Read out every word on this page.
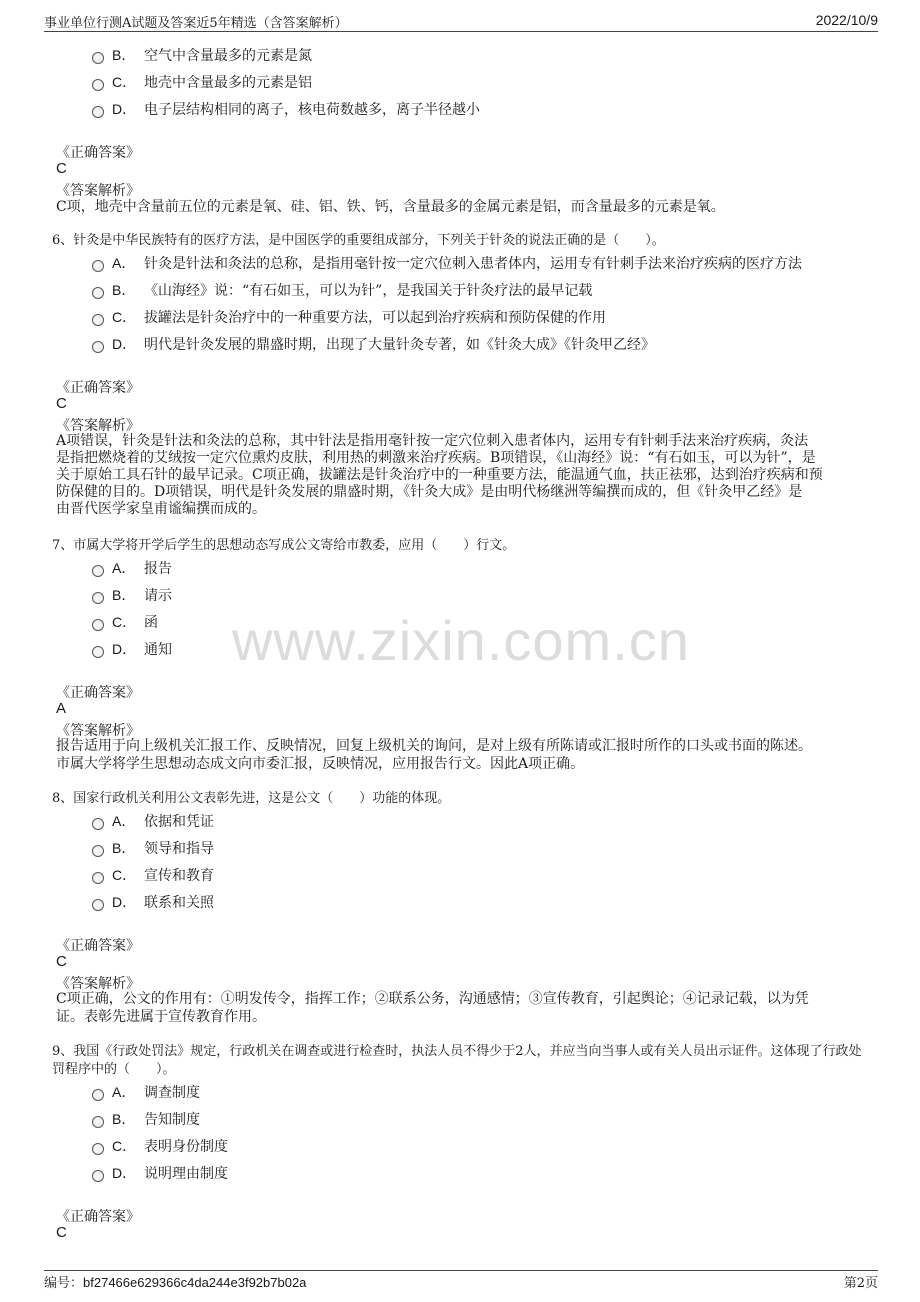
事业单位行测A试题及答案近5年精选（含答案解析）	2022/10/9
www.zixin.com.cn
B． 空气中含量最多的元素是氮
C． 地壳中含量最多的元素是铝
D． 电子层结构相同的离子，核电荷数越多，离子半径越小
《正确答案》
C
《答案解析》
C项，地壳中含量前五位的元素是氧、硅、铝、铁、钙，含量最多的金属元素是铝，而含量最多的元素是氧。
6、针灸是中华民族特有的医疗方法，是中国医学的重要组成部分，下列关于针灸的说法正确的是（　　）。
A． 针灸是针法和灸法的总称，是指用毫针按一定穴位刺入患者体内，运用专有针刺手法来治疗疾病的医疗方法
B． 《山海经》说：“有石如玉，可以为针”，是我国关于针灸疗法的最早记载
C． 拔罐法是针灸治疗中的一种重要方法，可以起到治疗疾病和预防保健的作用
D． 明代是针灸发展的鼎盛时期，出现了大量针灸专著，如《针灸大成》《针灸甲乙经》
《正确答案》
C
《答案解析》
A项错误，针灸是针法和灸法的总称，其中针法是指用毫针按一定穴位刺入患者体内，运用专有针刺手法来治疗疾病，灸法
是指把燃烧着的艾绒按一定穴位熏灼皮肤，利用热的刺激来治疗疾病。B项错误，《山海经》说：“有石如玉，可以为针”，是
关于原始工具石针的最早记录。C项正确，拔罐法是针灸治疗中的一种重要方法，能温通气血，扶正祛邪，达到治疗疾病和预
防保健的目的。D项错误，明代是针灸发展的鼎盛时期，《针灸大成》是由明代杨继洲等编撰而成的，但《针灸甲乙经》是
由晋代医学家皇甫谧编撰而成的。
7、市属大学将开学后学生的思想动态写成公文寄给市教委，应用（　　）行文。
A． 报告
B． 请示
C． 函
D． 通知
《正确答案》
A
《答案解析》
报告适用于向上级机关汇报工作、反映情况，回复上级机关的询问，是对上级有所陈请或汇报时所作的口头或书面的陈述。
市属大学将学生思想动态成文向市委汇报，反映情况，应用报告行文。因此A项正确。
8、国家行政机关利用公文表彰先进，这是公文（　　）功能的体现。
A． 依据和凭证
B． 领导和指导
C． 宣传和教育
D． 联系和关照
《正确答案》
C
《答案解析》
C项正确，公文的作用有：①明发传令，指挥工作；②联系公务，沟通感情；③宣传教育，引起舆论；④记录记载，以为凭
证。表彰先进属于宣传教育作用。
9、我国《行政处罚法》规定，行政机关在调查或进行检查时，执法人员不得少于2人，并应当向当事人或有关人员出示证件。这体现了行政处
罚程序中的（　　）。
A． 调查制度
B． 告知制度
C． 表明身份制度
D． 说明理由制度
《正确答案》
C
编号：bf27466e629366c4da244e3f92b7b02a	第2页
